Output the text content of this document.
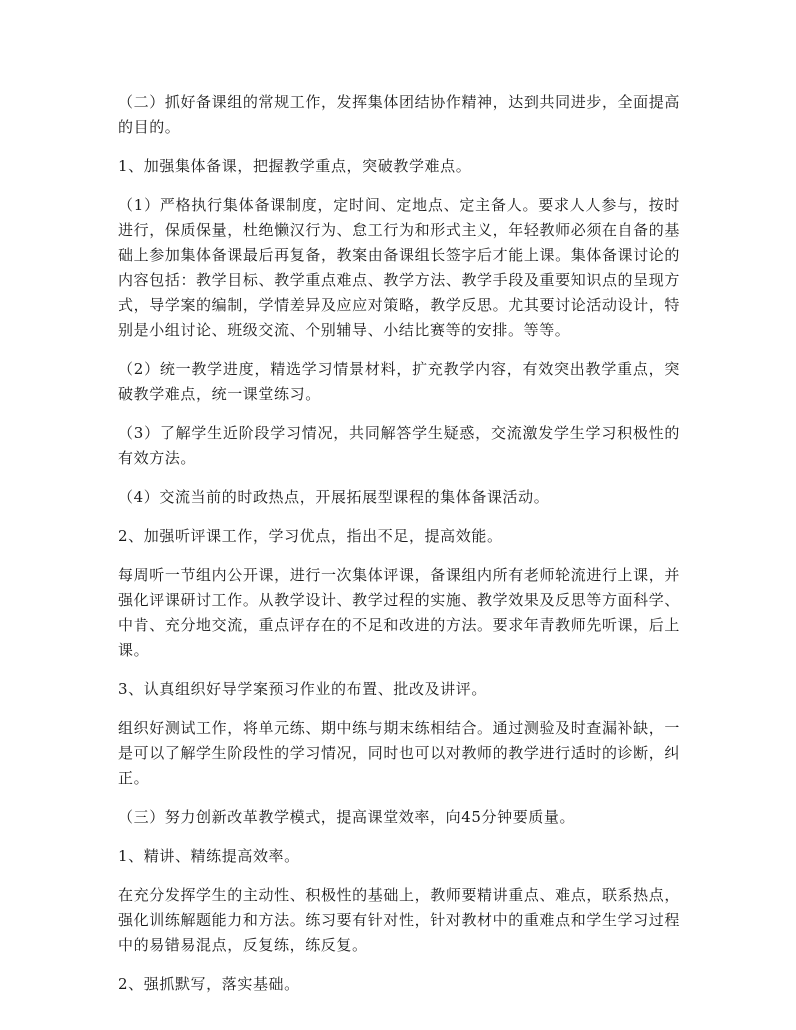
（二）抓好备课组的常规工作，发挥集体团结协作精神，达到共同进步，全面提高的目的。

1、加强集体备课，把握教学重点，突破教学难点。

（1）严格执行集体备课制度，定时间、定地点、定主备人。要求人人参与，按时进行，保质保量，杜绝懒汉行为、怠工行为和形式主义，年轻教师必须在自备的基础上参加集体备课最后再复备，教案由备课组长签字后才能上课。集体备课讨论的内容包括：教学目标、教学重点难点、教学方法、教学手段及重要知识点的呈现方式，导学案的编制，学情差异及应应对策略，教学反思。尤其要讨论活动设计，特别是小组讨论、班级交流、个别辅导、小结比赛等的安排。等等。

（2）统一教学进度，精选学习情景材料，扩充教学内容，有效突出教学重点，突破教学难点，统一课堂练习。

（3）了解学生近阶段学习情况，共同解答学生疑惑，交流激发学生学习积极性的有效方法。

（4）交流当前的时政热点，开展拓展型课程的集体备课活动。

2、加强听评课工作，学习优点，指出不足，提高效能。

每周听一节组内公开课，进行一次集体评课，备课组内所有老师轮流进行上课，并强化评课研讨工作。从教学设计、教学过程的实施、教学效果及反思等方面科学、中肯、充分地交流，重点评存在的不足和改进的方法。要求年青教师先听课，后上课。

3、认真组织好导学案预习作业的布置、批改及讲评。

组织好测试工作，将单元练、期中练与期末练相结合。通过测验及时查漏补缺，一是可以了解学生阶段性的学习情况，同时也可以对教师的教学进行适时的诊断，纠正。

（三）努力创新改革教学模式，提高课堂效率，向45分钟要质量。

1、精讲、精练提高效率。

在充分发挥学生的主动性、积极性的基础上，教师要精讲重点、难点，联系热点，强化训练解题能力和方法。练习要有针对性，针对教材中的重难点和学生学习过程中的易错易混点，反复练，练反复。

2、强抓默写，落实基础。
